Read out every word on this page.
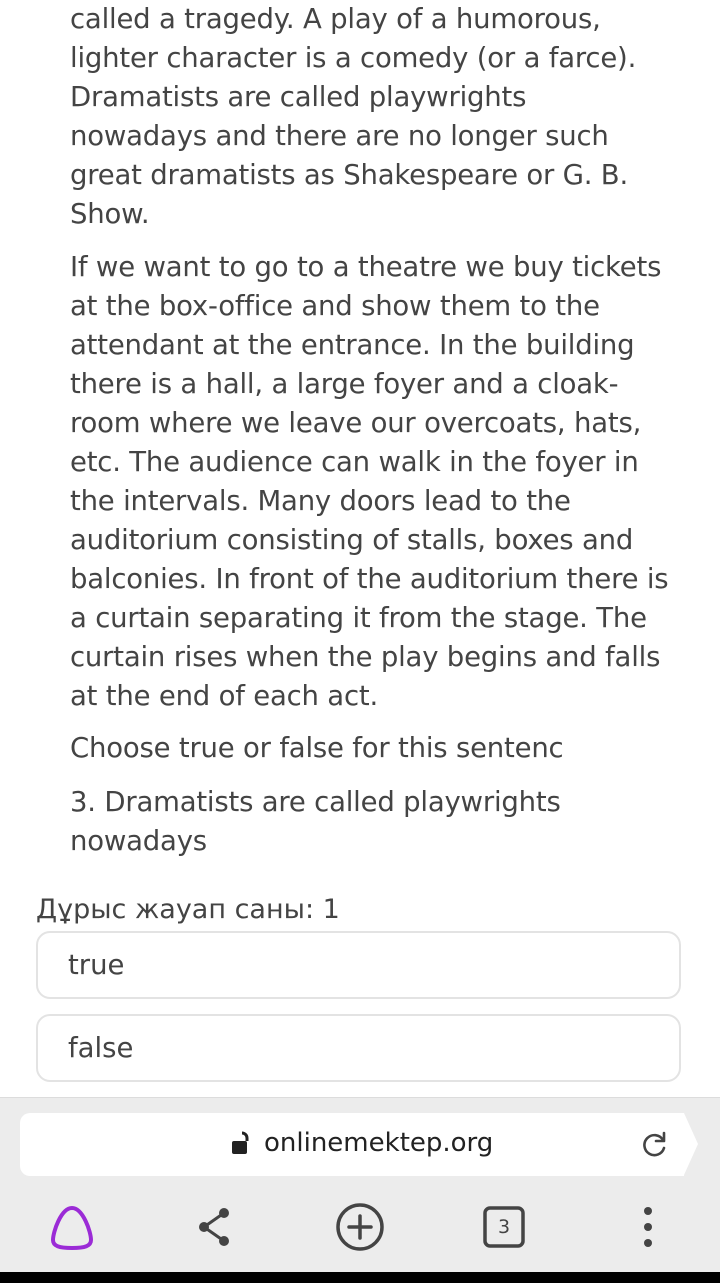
called a tragedy. A play of a humorous, lighter character is a comedy (or a farce). Dramatists are called playwrights nowadays and there are no longer such great dramatists as Shakespeare or G. B. Show.

If we want to go to a theatre we buy tickets at the box-office and show them to the attendant at the entrance. In the building there is a hall, a large foyer and a cloak-room where we leave our overcoats, hats, etc. The audience can walk in the foyer in the intervals. Many doors lead to the auditorium consisting of stalls, boxes and balconies. In front of the auditorium there is a curtain separating it from the stage. The curtain rises when the play begins and falls at the end of each act.

Choose true or false for this sentenc

3. Dramatists are called playwrights nowadays

Дұрыс жауап саны: 1
true
false
onlinemektep.org
3
